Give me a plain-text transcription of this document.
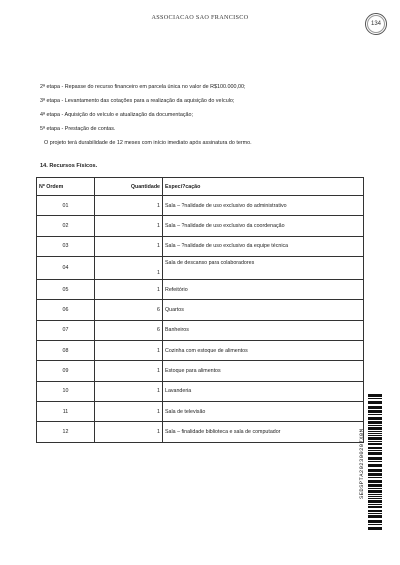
ASSOCIACAO SAO FRANCISCO
134
2ª etapa - Repasse do recurso financeiro em parcela única no valor de R$100.000,00;
3ª etapa - Levantamento das cotações para a realização da aquisição do veículo;
4ª etapa - Aquisição do veículo e atualização da documentação;
5ª etapa - Prestação de contas.
O projeto terá durabilidade de 12 meses com início imediato após assinatura do termo.
14. Recursos Físicos.
Nº Ordem	Quantidade	Especi?cação
01	1	Sala – ?nalidade de uso exclusivo do administrativo
02	1	Sala – ?nalidade de uso exclusivo da coordenação
03	1	Sala – ?nalidade de uso exclusivo da equipe técnica
04	1	Sala de descanso para colaboradores
05	1	Refeitório
06	6	Quartos
07	6	Banheiros
08	1	Cozinha com estoque de alimentos
09	1	Estoque para alimentos
10	1	Lavanderia
11	1	Sala de televisão
12	1	Sala – finalidade biblioteca e sala de computador	SEDSPTA202300207X0M
